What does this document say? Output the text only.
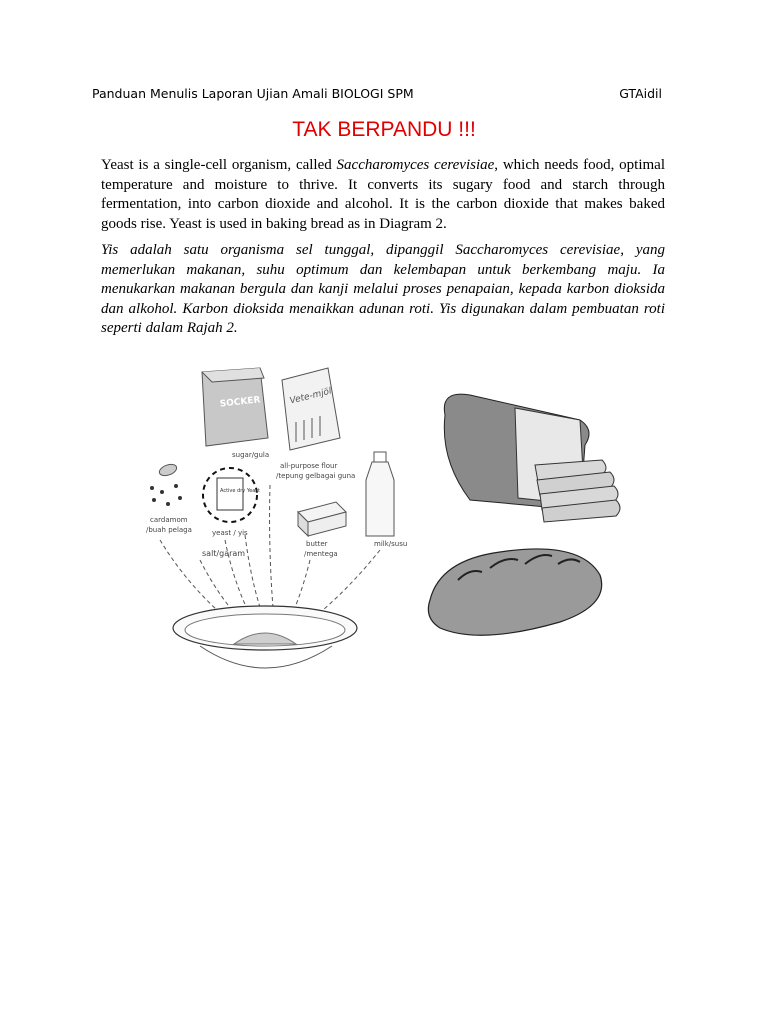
Panduan Menulis Laporan Ujian Amali BIOLOGI SPM	GTAidil
TAK BERPANDU !!!
Yeast is a single-cell organism, called Saccharomyces cerevisiae, which needs food, optimal temperature and moisture to thrive. It converts its sugary food and starch through fermentation, into carbon dioxide and alcohol. It is the carbon dioxide that makes baked goods rise. Yeast is used in baking bread as in Diagram 2.
Yis adalah satu organisma sel tunggal, dipanggil Saccharomyces cerevisiae, yang memerlukan makanan, suhu optimum dan kelembapan untuk berkembang maju. Ia menukarkan makanan bergula dan kanji melalui proses penapaian, kepada karbon dioksida dan alkohol. Karbon dioksida menaikkan adunan roti. Yis digunakan dalam pembuatan roti seperti dalam Rajah 2.
SOCKER	Vete-mjöl
sugar/gula
all-purpose flour
/tepung gelbagai guna
cardamom
/buah pelaga
Active dry Yeast
yeast / yis
butter
/mentega
milk/susu
salt/garam
